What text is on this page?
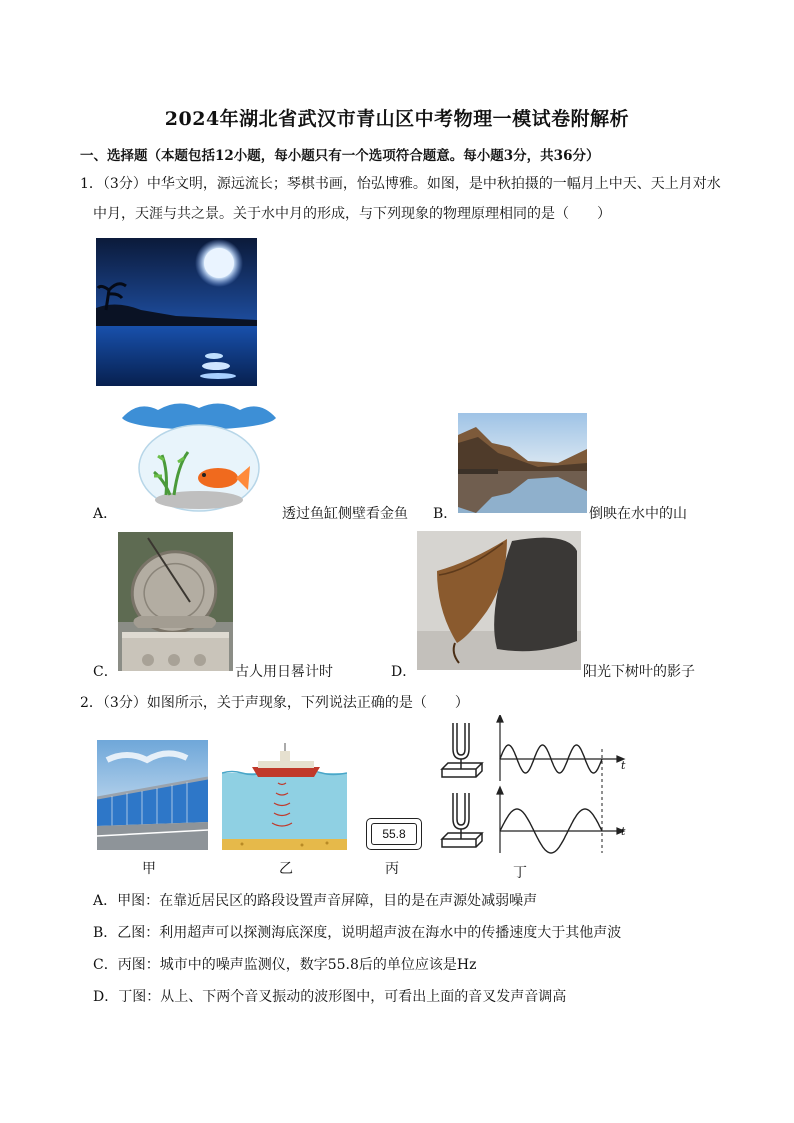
2024年湖北省武汉市青山区中考物理一模试卷附解析
一、选择题（本题包括12小题，每小题只有一个选项符合题意。每小题3分，共36分）
1．（3分）中华文明，源远流长；琴棋书画，怡弘博雅。如图，是中秋拍摄的一幅月上中天、天上月对水
中月，天涯与共之景。关于水中月的形成，与下列现象的物理原理相同的是（　　）
A．	透过鱼缸侧壁看金鱼 B．	倒映在水中的山
C．	古人用日晷计时	D．	阳光下树叶的影子
2．（3分）如图所示，关于声现象，下列说法正确的是（　　）
甲	乙
55.8
丙
t
t
丁
A．甲图：在靠近居民区的路段设置声音屏障，目的是在声源处减弱噪声
B．乙图：利用超声可以探测海底深度，说明超声波在海水中的传播速度大于其他声波
C．丙图：城市中的噪声监测仪，数字55.8后的单位应该是Hz
D．丁图：从上、下两个音叉振动的波形图中，可看出上面的音叉发声音调高
